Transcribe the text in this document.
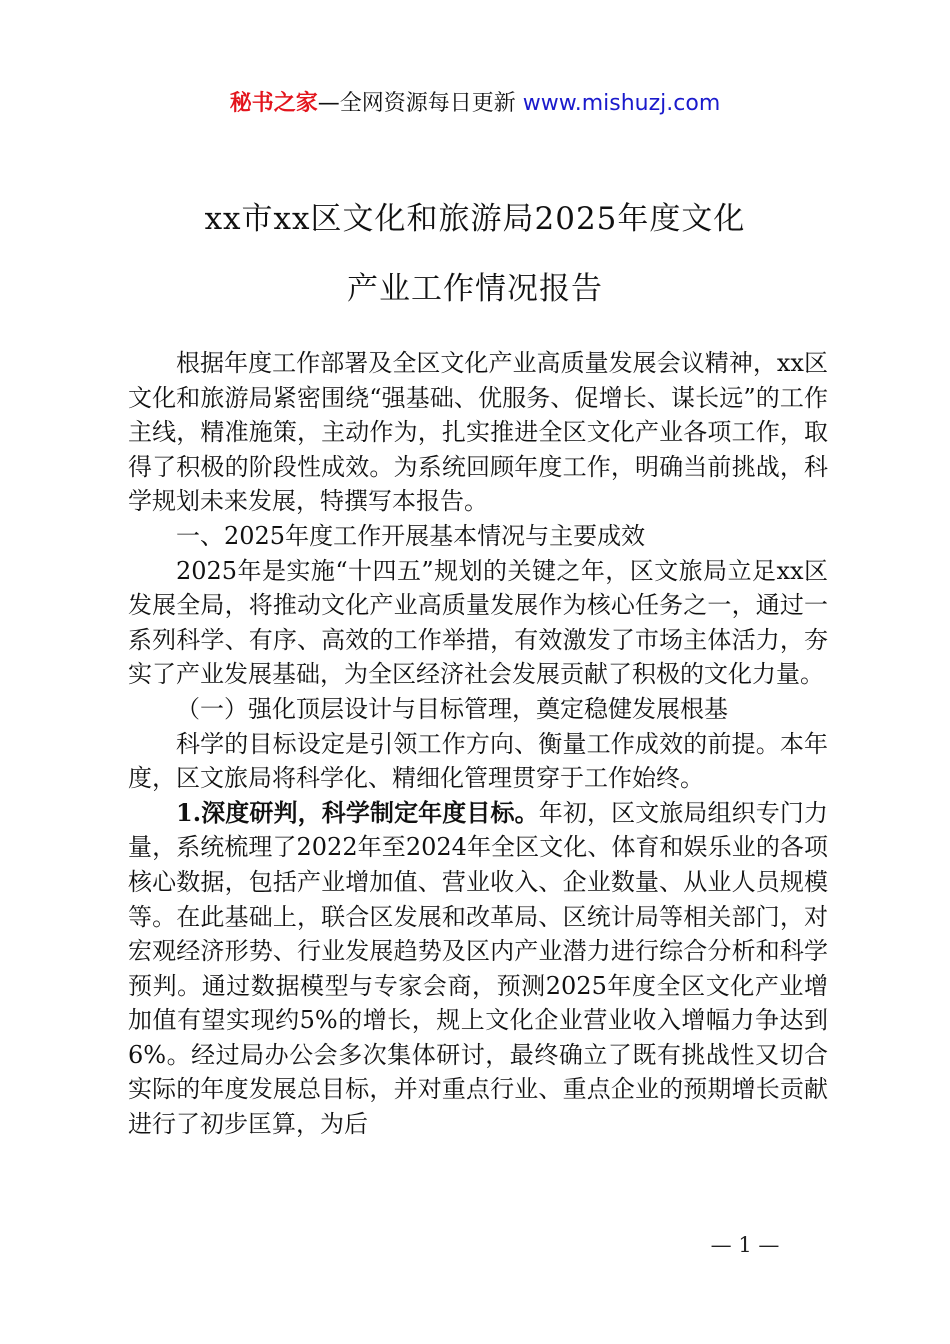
秘书之家—全网资源每日更新 www.mishuzj.com
xx市xx区文化和旅游局2025年度文化
产业工作情况报告

根据年度工作部署及全区文化产业高质量发展会议精神，xx区文化和旅游局紧密围绕“强基础、优服务、促增长、谋长远”的工作主线，精准施策，主动作为，扎实推进全区文化产业各项工作，取得了积极的阶段性成效。为系统回顾年度工作，明确当前挑战，科学规划未来发展，特撰写本报告。

一、2025年度工作开展基本情况与主要成效

2025年是实施“十四五”规划的关键之年，区文旅局立足xx区发展全局，将推动文化产业高质量发展作为核心任务之一，通过一系列科学、有序、高效的工作举措，有效激发了市场主体活力，夯实了产业发展基础，为全区经济社会发展贡献了积极的文化力量。

（一）强化顶层设计与目标管理，奠定稳健发展根基

科学的目标设定是引领工作方向、衡量工作成效的前提。本年度，区文旅局将科学化、精细化管理贯穿于工作始终。

1.深度研判，科学制定年度目标。年初，区文旅局组织专门力量，系统梳理了2022年至2024年全区文化、体育和娱乐业的各项核心数据，包括产业增加值、营业收入、企业数量、从业人员规模等。在此基础上，联合区发展和改革局、区统计局等相关部门，对宏观经济形势、行业发展趋势及区内产业潜力进行综合分析和科学预判。通过数据模型与专家会商，预测2025年度全区文化产业增加值有望实现约5%的增长，规上文化企业营业收入增幅力争达到6%。经过局办公会多次集体研讨，最终确立了既有挑战性又切合实际的年度发展总目标，并对重点行业、重点企业的预期增长贡献进行了初步匡算，为后

— 1 —
